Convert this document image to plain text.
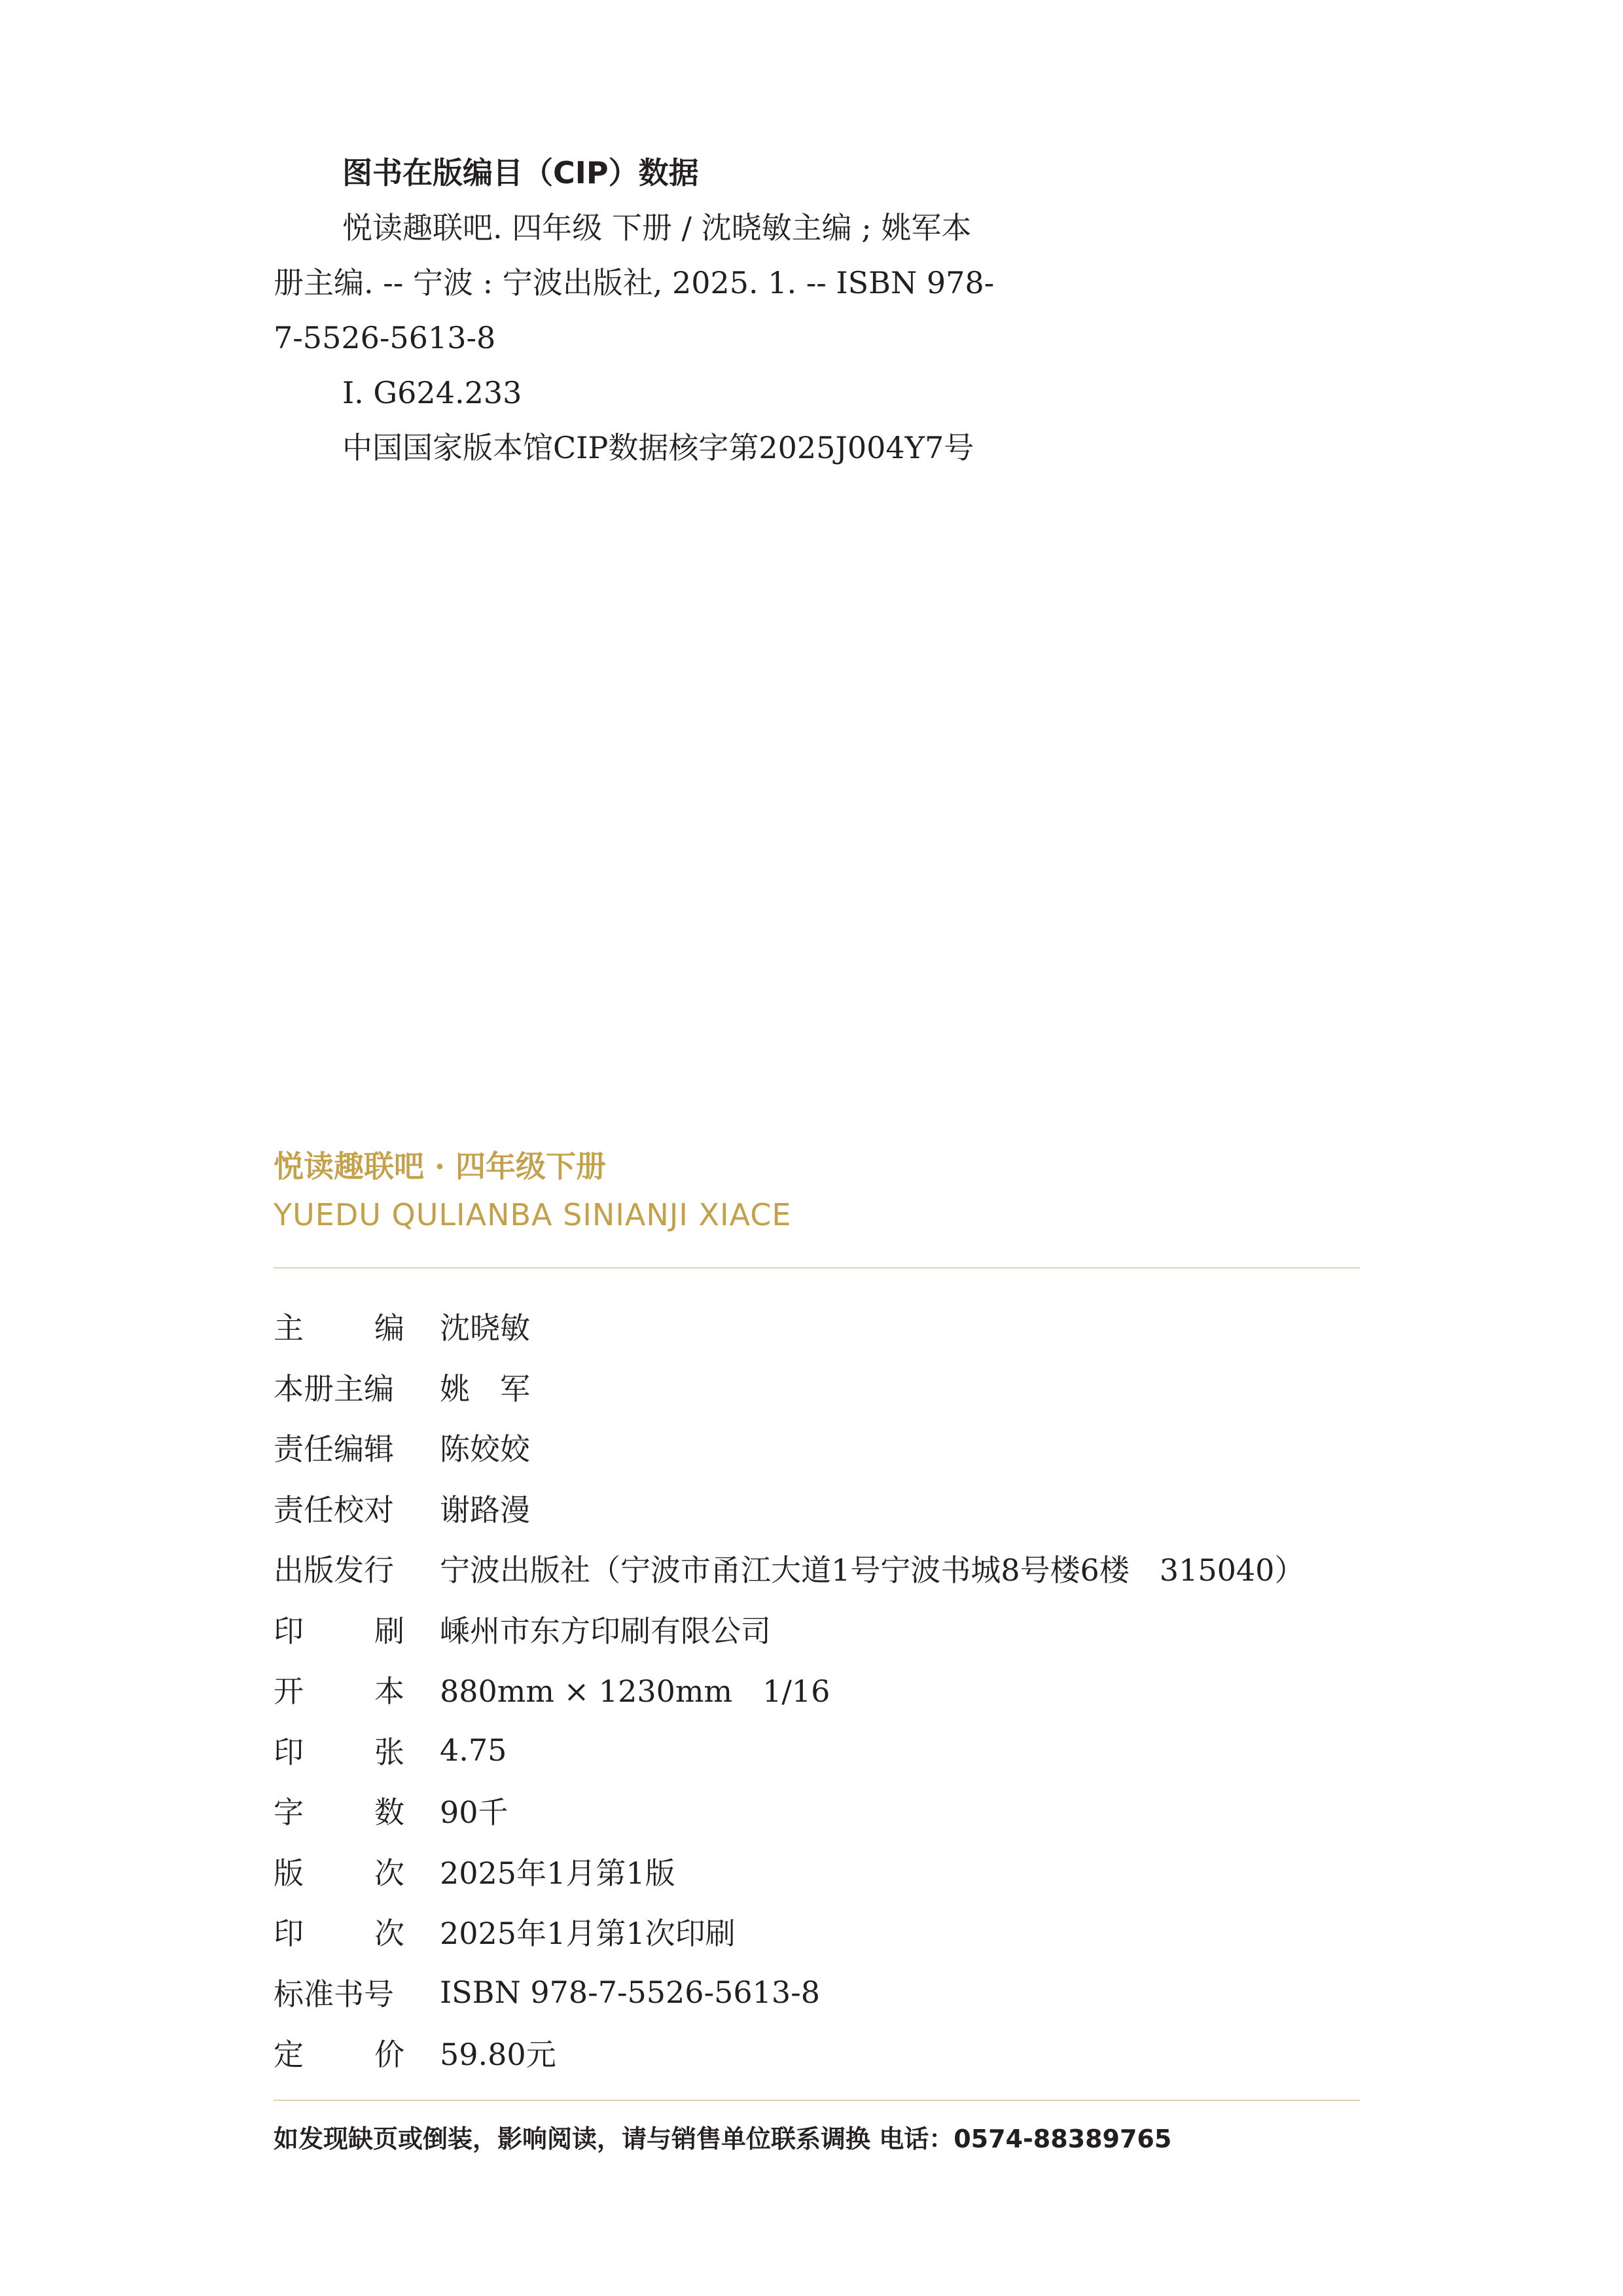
图书在版编目（CIP）数据
悦读趣联吧. 四年级 下册 / 沈晓敏主编 ; 姚军本
册主编. -- 宁波 : 宁波出版社, 2025. 1. -- ISBN 978-
7-5526-5613-8
Ⅰ. G624.233
中国国家版本馆CIP数据核字第2025J004Y7号
悦读趣联吧 · 四年级下册
YUEDU QULIANBA SINIANJI XIACE
主 编 沈晓敏
本册主编 姚　军
责任编辑 陈姣姣
责任校对 谢路漫
出版发行 宁波出版社（宁波市甬江大道1号宁波书城8号楼6楼　315040）
印 刷 嵊州市东方印刷有限公司
开 本 880mm × 1230mm　1/16
印 张 4.75
字 数 90千
版 次 2025年1月第1版
印 次 2025年1月第1次印刷
标准书号 ISBN 978-7-5526-5613-8
定 价 59.80元
如发现缺页或倒装，影响阅读，请与销售单位联系调换 电话：0574-88389765
